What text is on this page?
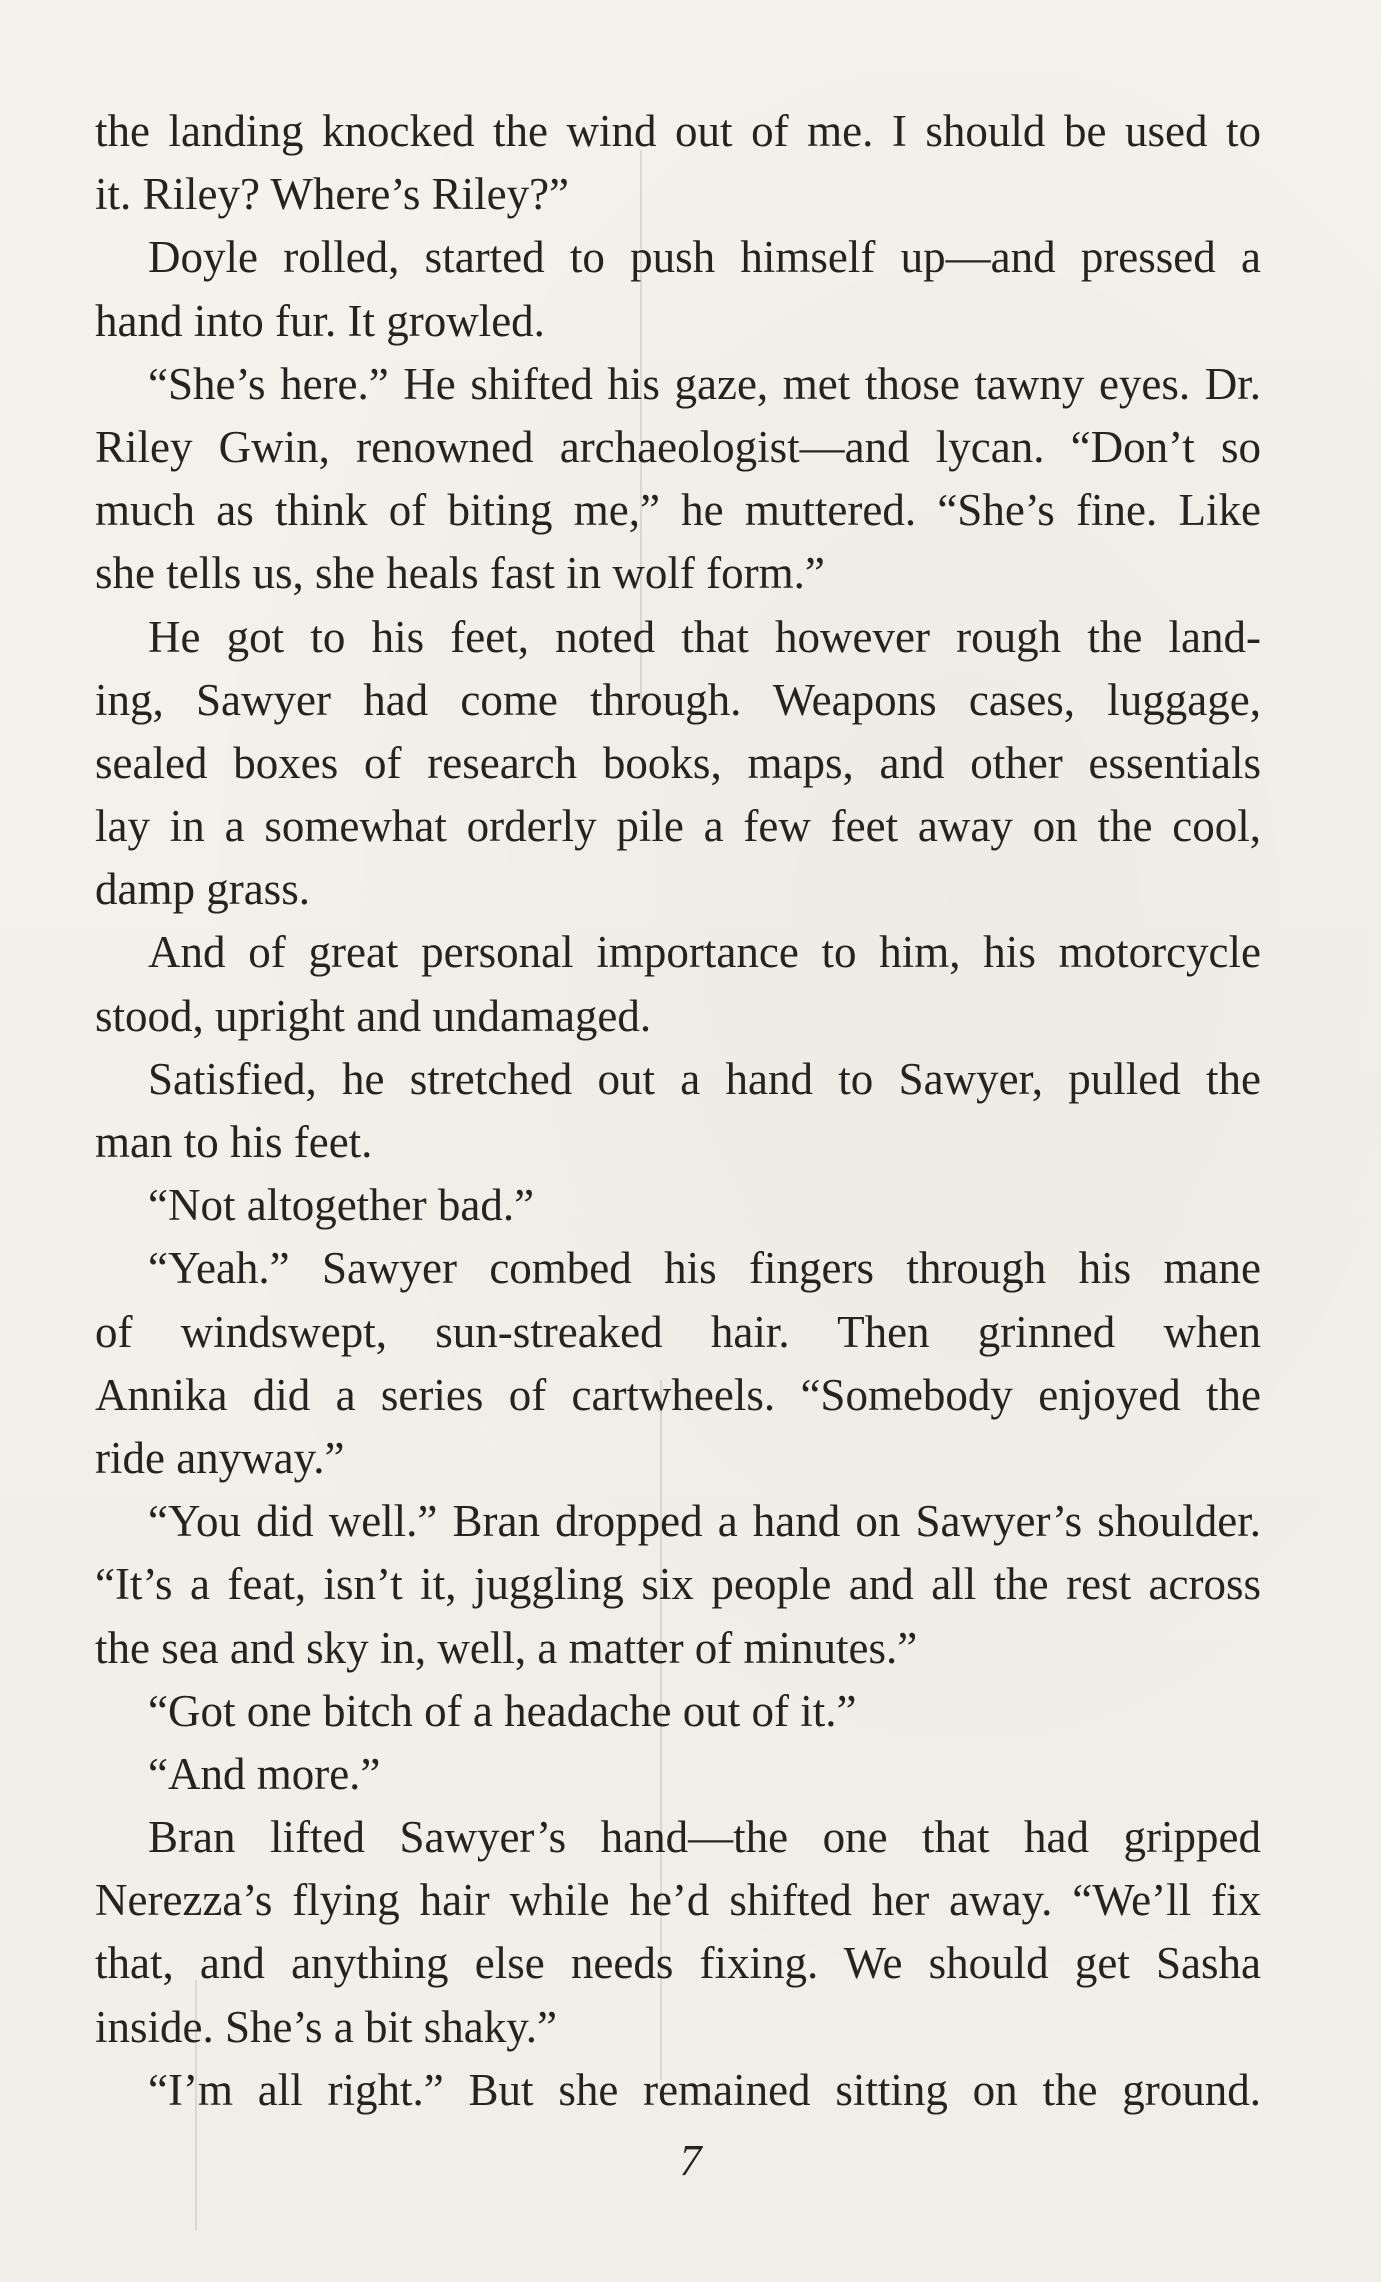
the landing knocked the wind out of me. I should be used to
it. Riley? Where’s Riley?”
Doyle rolled, started to push himself up—and pressed a
hand into fur. It growled.
“She’s here.” He shifted his gaze, met those tawny eyes. Dr.
Riley Gwin, renowned archaeologist—and lycan. “Don’t so
much as think of biting me,” he muttered. “She’s fine. Like
she tells us, she heals fast in wolf form.”
He got to his feet, noted that however rough the land-
ing, Sawyer had come through. Weapons cases, luggage,
sealed boxes of research books, maps, and other essentials
lay in a somewhat orderly pile a few feet away on the cool,
damp grass.
And of great personal importance to him, his motorcycle
stood, upright and undamaged.
Satisfied, he stretched out a hand to Sawyer, pulled the
man to his feet.
“Not altogether bad.”
“Yeah.” Sawyer combed his fingers through his mane
of windswept, sun-streaked hair. Then grinned when
Annika did a series of cartwheels. “Somebody enjoyed the
ride anyway.”
“You did well.” Bran dropped a hand on Sawyer’s shoulder.
“It’s a feat, isn’t it, juggling six people and all the rest across
the sea and sky in, well, a matter of minutes.”
“Got one bitch of a headache out of it.”
“And more.”
Bran lifted Sawyer’s hand—the one that had gripped
Nerezza’s flying hair while he’d shifted her away. “We’ll fix
that, and anything else needs fixing. We should get Sasha
inside. She’s a bit shaky.”
“I’m all right.” But she remained sitting on the ground.
7
